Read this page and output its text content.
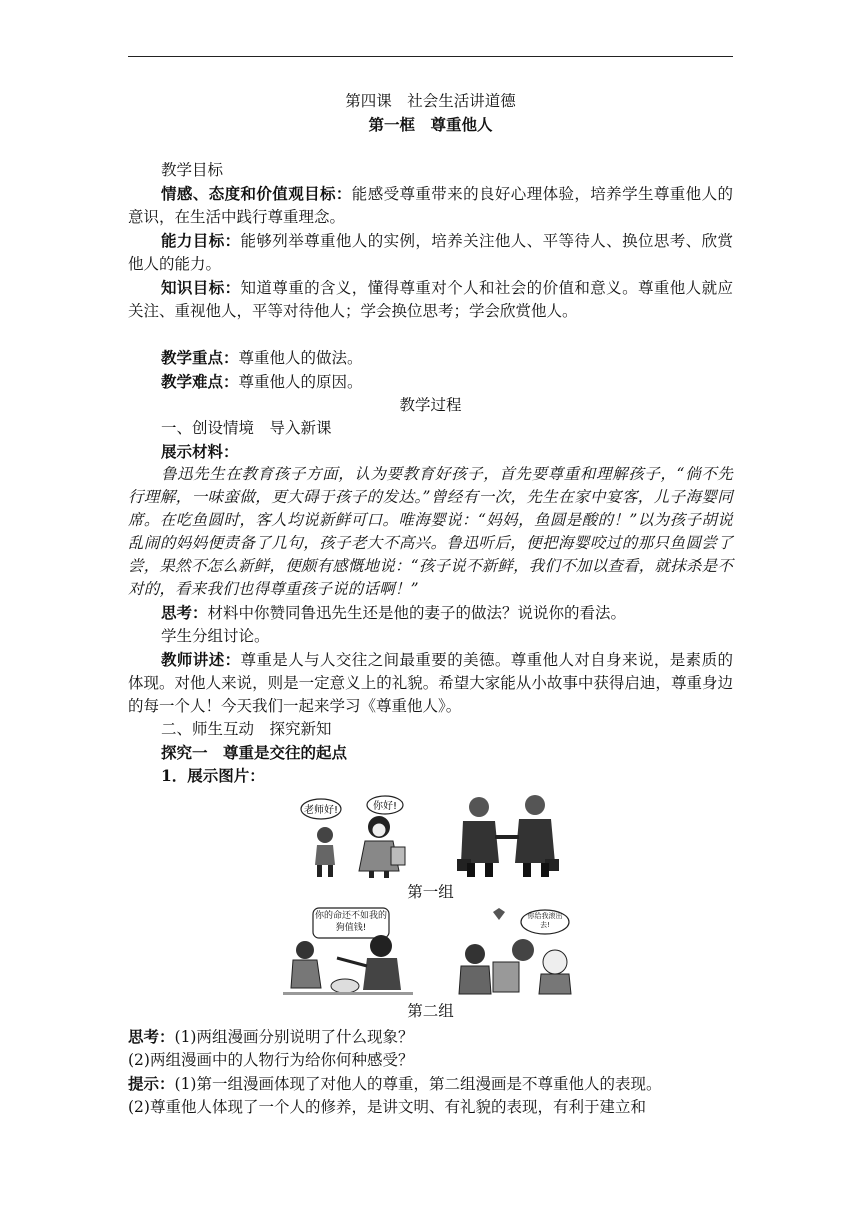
第四课　社会生活讲道德
第一框　尊重他人

教学目标

情感、态度和价值观目标：能感受尊重带来的良好心理体验，培养学生尊重他人的意识，在生活中践行尊重理念。

能力目标：能够列举尊重他人的实例，培养关注他人、平等待人、换位思考、欣赏他人的能力。

知识目标：知道尊重的含义，懂得尊重对个人和社会的价值和意义。尊重他人就应关注、重视他人，平等对待他人；学会换位思考；学会欣赏他人。

教学重点：尊重他人的做法。

教学难点：尊重他人的原因。

教学过程

一、创设情境　导入新课

展示材料：

鲁迅先生在教育孩子方面，认为要教育好孩子，首先要尊重和理解孩子，“倘不先行理解，一味蛮做，更大碍于孩子的发达。”曾经有一次，先生在家中宴客，儿子海婴同席。在吃鱼圆时，客人均说新鲜可口。唯海婴说：“妈妈，鱼圆是酸的！”以为孩子胡说乱闹的妈妈便责备了几句，孩子老大不高兴。鲁迅听后，便把海婴咬过的那只鱼圆尝了尝，果然不怎么新鲜，便颇有感慨地说：“孩子说不新鲜，我们不加以查看，就抹杀是不对的，看来我们也得尊重孩子说的话啊！”

思考：材料中你赞同鲁迅先生还是他的妻子的做法？说说你的看法。

学生分组讨论。

教师讲述：尊重是人与人交往之间最重要的美德。尊重他人对自身来说，是素质的体现。对他人来说，则是一定意义上的礼貌。希望大家能从小故事中获得启迪，尊重身边的每一个人！今天我们一起来学习《尊重他人》。

二、师生互动　探究新知

探究一　尊重是交往的起点

1．展示图片：

老师好!	你好!
第一组
你的命还不如我的狗值钱!
你给我滚出去!
第二组

思考：(1)两组漫画分别说明了什么现象？

(2)两组漫画中的人物行为给你何种感受？

提示：(1)第一组漫画体现了对他人的尊重，第二组漫画是不尊重他人的表现。

(2)尊重他人体现了一个人的修养，是讲文明、有礼貌的表现，有利于建立和
